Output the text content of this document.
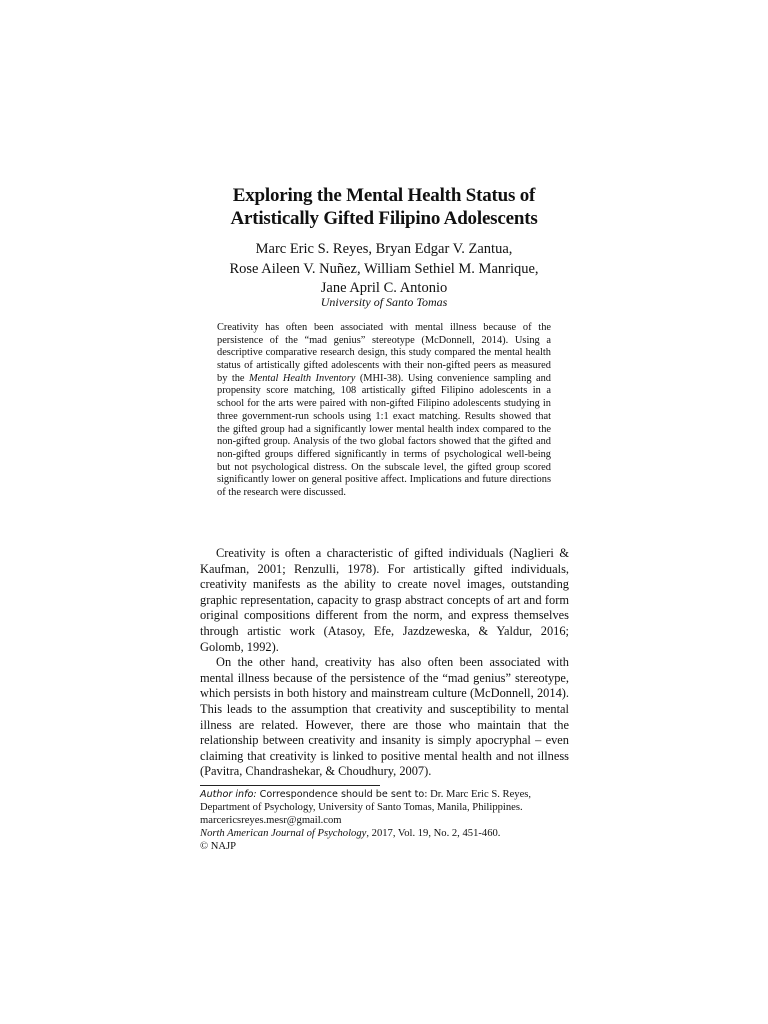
Exploring the Mental Health Status of
Artistically Gifted Filipino Adolescents
Marc Eric S. Reyes, Bryan Edgar V. Zantua,
Rose Aileen V. Nuñez, William Sethiel M. Manrique,
Jane April C. Antonio
University of Santo Tomas

Creativity has often been associated with mental illness because of the persistence of the “mad genius” stereotype (McDonnell, 2014). Using a descriptive comparative research design, this study compared the mental health status of artistically gifted adolescents with their non-gifted peers as measured by the Mental Health Inventory (MHI-38). Using convenience sampling and propensity score matching, 108 artistically gifted Filipino adolescents in a school for the arts were paired with non-gifted Filipino adolescents studying in three government-run schools using 1:1 exact matching. Results showed that the gifted group had a significantly lower mental health index compared to the non-gifted group. Analysis of the two global factors showed that the gifted and non-gifted groups differed significantly in terms of psychological well-being but not psychological distress. On the subscale level, the gifted group scored significantly lower on general positive affect. Implications and future directions of the research were discussed.

Creativity is often a characteristic of gifted individuals (Naglieri & Kaufman, 2001; Renzulli, 1978). For artistically gifted individuals, creativity manifests as the ability to create novel images, outstanding graphic representation, capacity to grasp abstract concepts of art and form original compositions different from the norm, and express themselves through artistic work (Atasoy, Efe, Jazdzeweska, & Yaldur, 2016; Golomb, 1992).

On the other hand, creativity has also often been associated with mental illness because of the persistence of the “mad genius” stereotype, which persists in both history and mainstream culture (McDonnell, 2014). This leads to the assumption that creativity and susceptibility to mental illness are related. However, there are those who maintain that the relationship between creativity and insanity is simply apocryphal – even claiming that creativity is linked to positive mental health and not illness (Pavitra, Chandrashekar, & Choudhury, 2007).

Author info: Correspondence should be sent to: Dr. Marc Eric S. Reyes,
Department of Psychology, University of Santo Tomas, Manila, Philippines.
marcericsreyes.mesr@gmail.com
North American Journal of Psychology, 2017, Vol. 19, No. 2, 451-460.
© NAJP
